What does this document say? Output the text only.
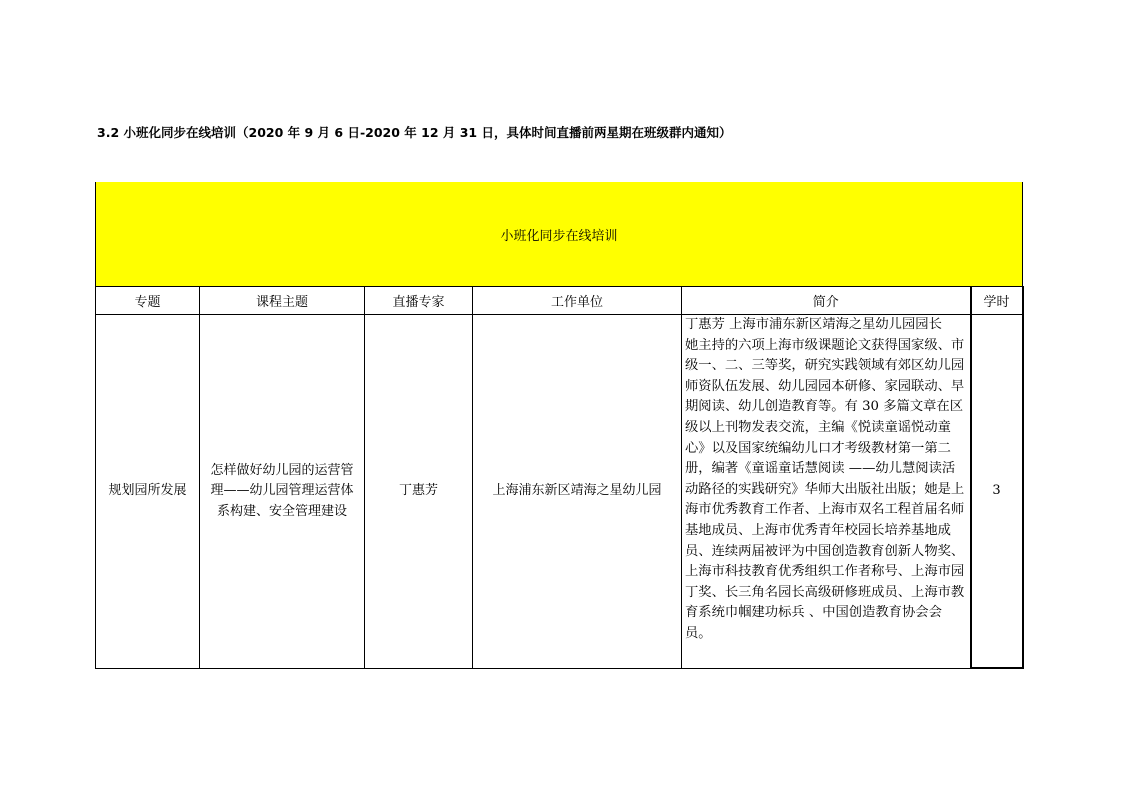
3.2 小班化同步在线培训（2020 年 9 月 6 日-2020 年 12 月 31 日，具体时间直播前两星期在班级群内通知）
小班化同步在线培训					
专题	课程主题	直播专家	工作单位	简介	学时
规划园所发展	怎样做好幼儿园的运营管理——幼儿园管理运营体系构建、安全管理建设	丁惠芳	上海浦东新区靖海之星幼儿园	丁惠芳 上海市浦东新区靖海之星幼儿园园长
她主持的六项上海市级课题论文获得国家级、市级一、二、三等奖，研究实践领域有郊区幼儿园师资队伍发展、幼儿园园本研修、家园联动、早期阅读、幼儿创造教育等。有 30 多篇文章在区级以上刊物发表交流，主编《悦读童谣悦动童心》以及国家统编幼儿口才考级教材第一第二册，编著《童谣童话慧阅读 ——幼儿慧阅读活动路径的实践研究》华师大出版社出版；她是上海市优秀教育工作者、上海市双名工程首届名师基地成员、上海市优秀青年校园长培养基地成员、连续两届被评为中国创造教育创新人物奖、上海市科技教育优秀组织工作者称号、上海市园丁奖、长三角名园长高级研修班成员、上海市教育系统巾帼建功标兵 、中国创造教育协会会员。	3
